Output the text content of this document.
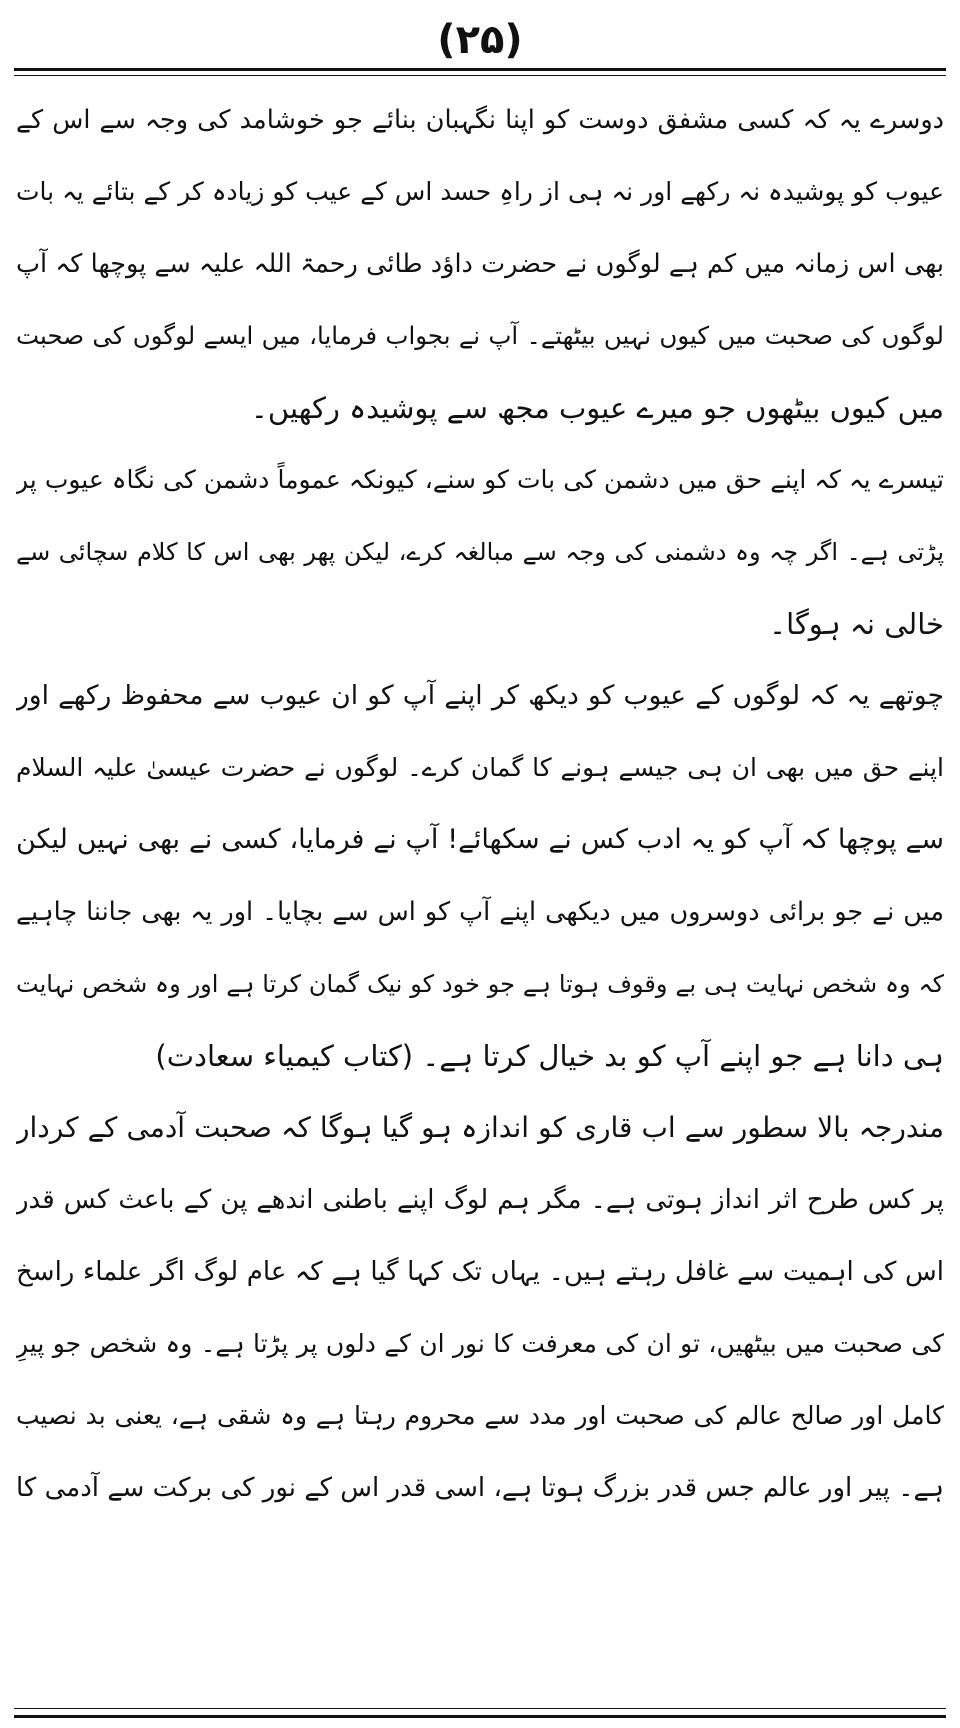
(۲۵)
دوسرے یہ کہ کسی مشفق دوست کو اپنا نگہبان بنائے جو خوشامد کی وجہ سے اس کے
عیوب کو پوشیدہ نہ رکھے اور نہ ہی از راہِ حسد اس کے عیب کو زیادہ کر کے بتائے یہ بات
بھی اس زمانہ میں کم ہے لوگوں نے حضرت داؤد طائی رحمۃ اللہ علیہ سے پوچھا کہ آپ
لوگوں کی صحبت میں کیوں نہیں بیٹھتے۔ آپ نے بجواب فرمایا، میں ایسے لوگوں کی صحبت
میں کیوں بیٹھوں جو میرے عیوب مجھ سے پوشیدہ رکھیں۔
تیسرے یہ کہ اپنے حق میں دشمن کی بات کو سنے، کیونکہ عموماً دشمن کی نگاہ عیوب پر
پڑتی ہے۔ اگر چہ وہ دشمنی کی وجہ سے مبالغہ کرے، لیکن پھر بھی اس کا کلام سچائی سے
خالی نہ ہوگا۔
چوتھے یہ کہ لوگوں کے عیوب کو دیکھ کر اپنے آپ کو ان عیوب سے محفوظ رکھے اور
اپنے حق میں بھی ان ہی جیسے ہونے کا گمان کرے۔ لوگوں نے حضرت عیسیٰ علیہ السلام
سے پوچھا کہ آپ کو یہ ادب کس نے سکھائے! آپ نے فرمایا، کسی نے بھی نہیں لیکن
میں نے جو برائی دوسروں میں دیکھی اپنے آپ کو اس سے بچایا۔ اور یہ بھی جاننا چاہیے
کہ وہ شخص نہایت ہی بے وقوف ہوتا ہے جو خود کو نیک گمان کرتا ہے اور وہ شخص نہایت
ہی دانا ہے جو اپنے آپ کو بد خیال کرتا ہے۔ (کتاب کیمیاء سعادت)
مندرجہ بالا سطور سے اب قاری کو اندازہ ہو گیا ہوگا کہ صحبت آدمی کے کردار
پر کس طرح اثر انداز ہوتی ہے۔ مگر ہم لوگ اپنے باطنی اندھے پن کے باعث کس قدر
اس کی اہمیت سے غافل رہتے ہیں۔ یہاں تک کہا گیا ہے کہ عام لوگ اگر علماء راسخ
کی صحبت میں بیٹھیں، تو ان کی معرفت کا نور ان کے دلوں پر پڑتا ہے۔ وہ شخص جو پیرِ
کامل اور صالح عالم کی صحبت اور مدد سے محروم رہتا ہے وہ شقی ہے، یعنی بد نصیب
ہے۔ پیر اور عالم جس قدر بزرگ ہوتا ہے، اسی قدر اس کے نور کی برکت سے آدمی کا
